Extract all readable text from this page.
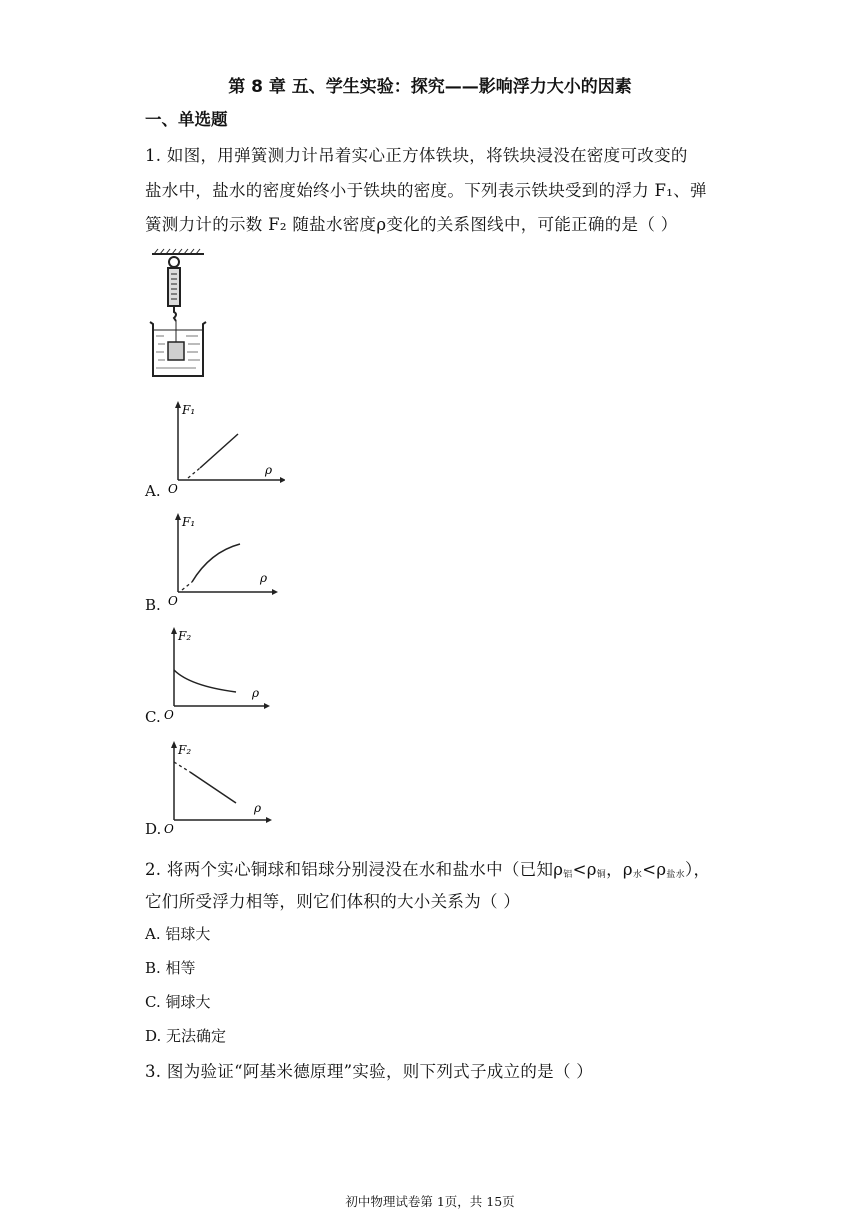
第 8 章 五、学生实验：探究——影响浮力大小的因素
一、单选题
1. 如图，用弹簧测力计吊着实心正方体铁块，将铁块浸没在密度可改变的
盐水中，盐水的密度始终小于铁块的密度。下列表示铁块受到的浮力 F₁、弹
簧测力计的示数 F₂ 随盐水密度ρ变化的关系图线中，可能正确的是（ ）
A.
F₁
ρ
O
B.
F₁
ρ
O
C.
F₂
ρ
O
D.
F₂
ρ
O
2. 将两个实心铜球和铝球分别浸没在水和盐水中（已知$\rho_铝<\rho_铜$，$\rho_水<\rho_{盐水}$），
它们所受浮力相等，则它们体积的大小关系为（ ）
A. 铝球大
B. 相等
C. 铜球大
D. 无法确定
3. 图为验证“阿基米德原理”实验，则下列式子成立的是（ ）
初中物理试卷第 1页，共 15页
